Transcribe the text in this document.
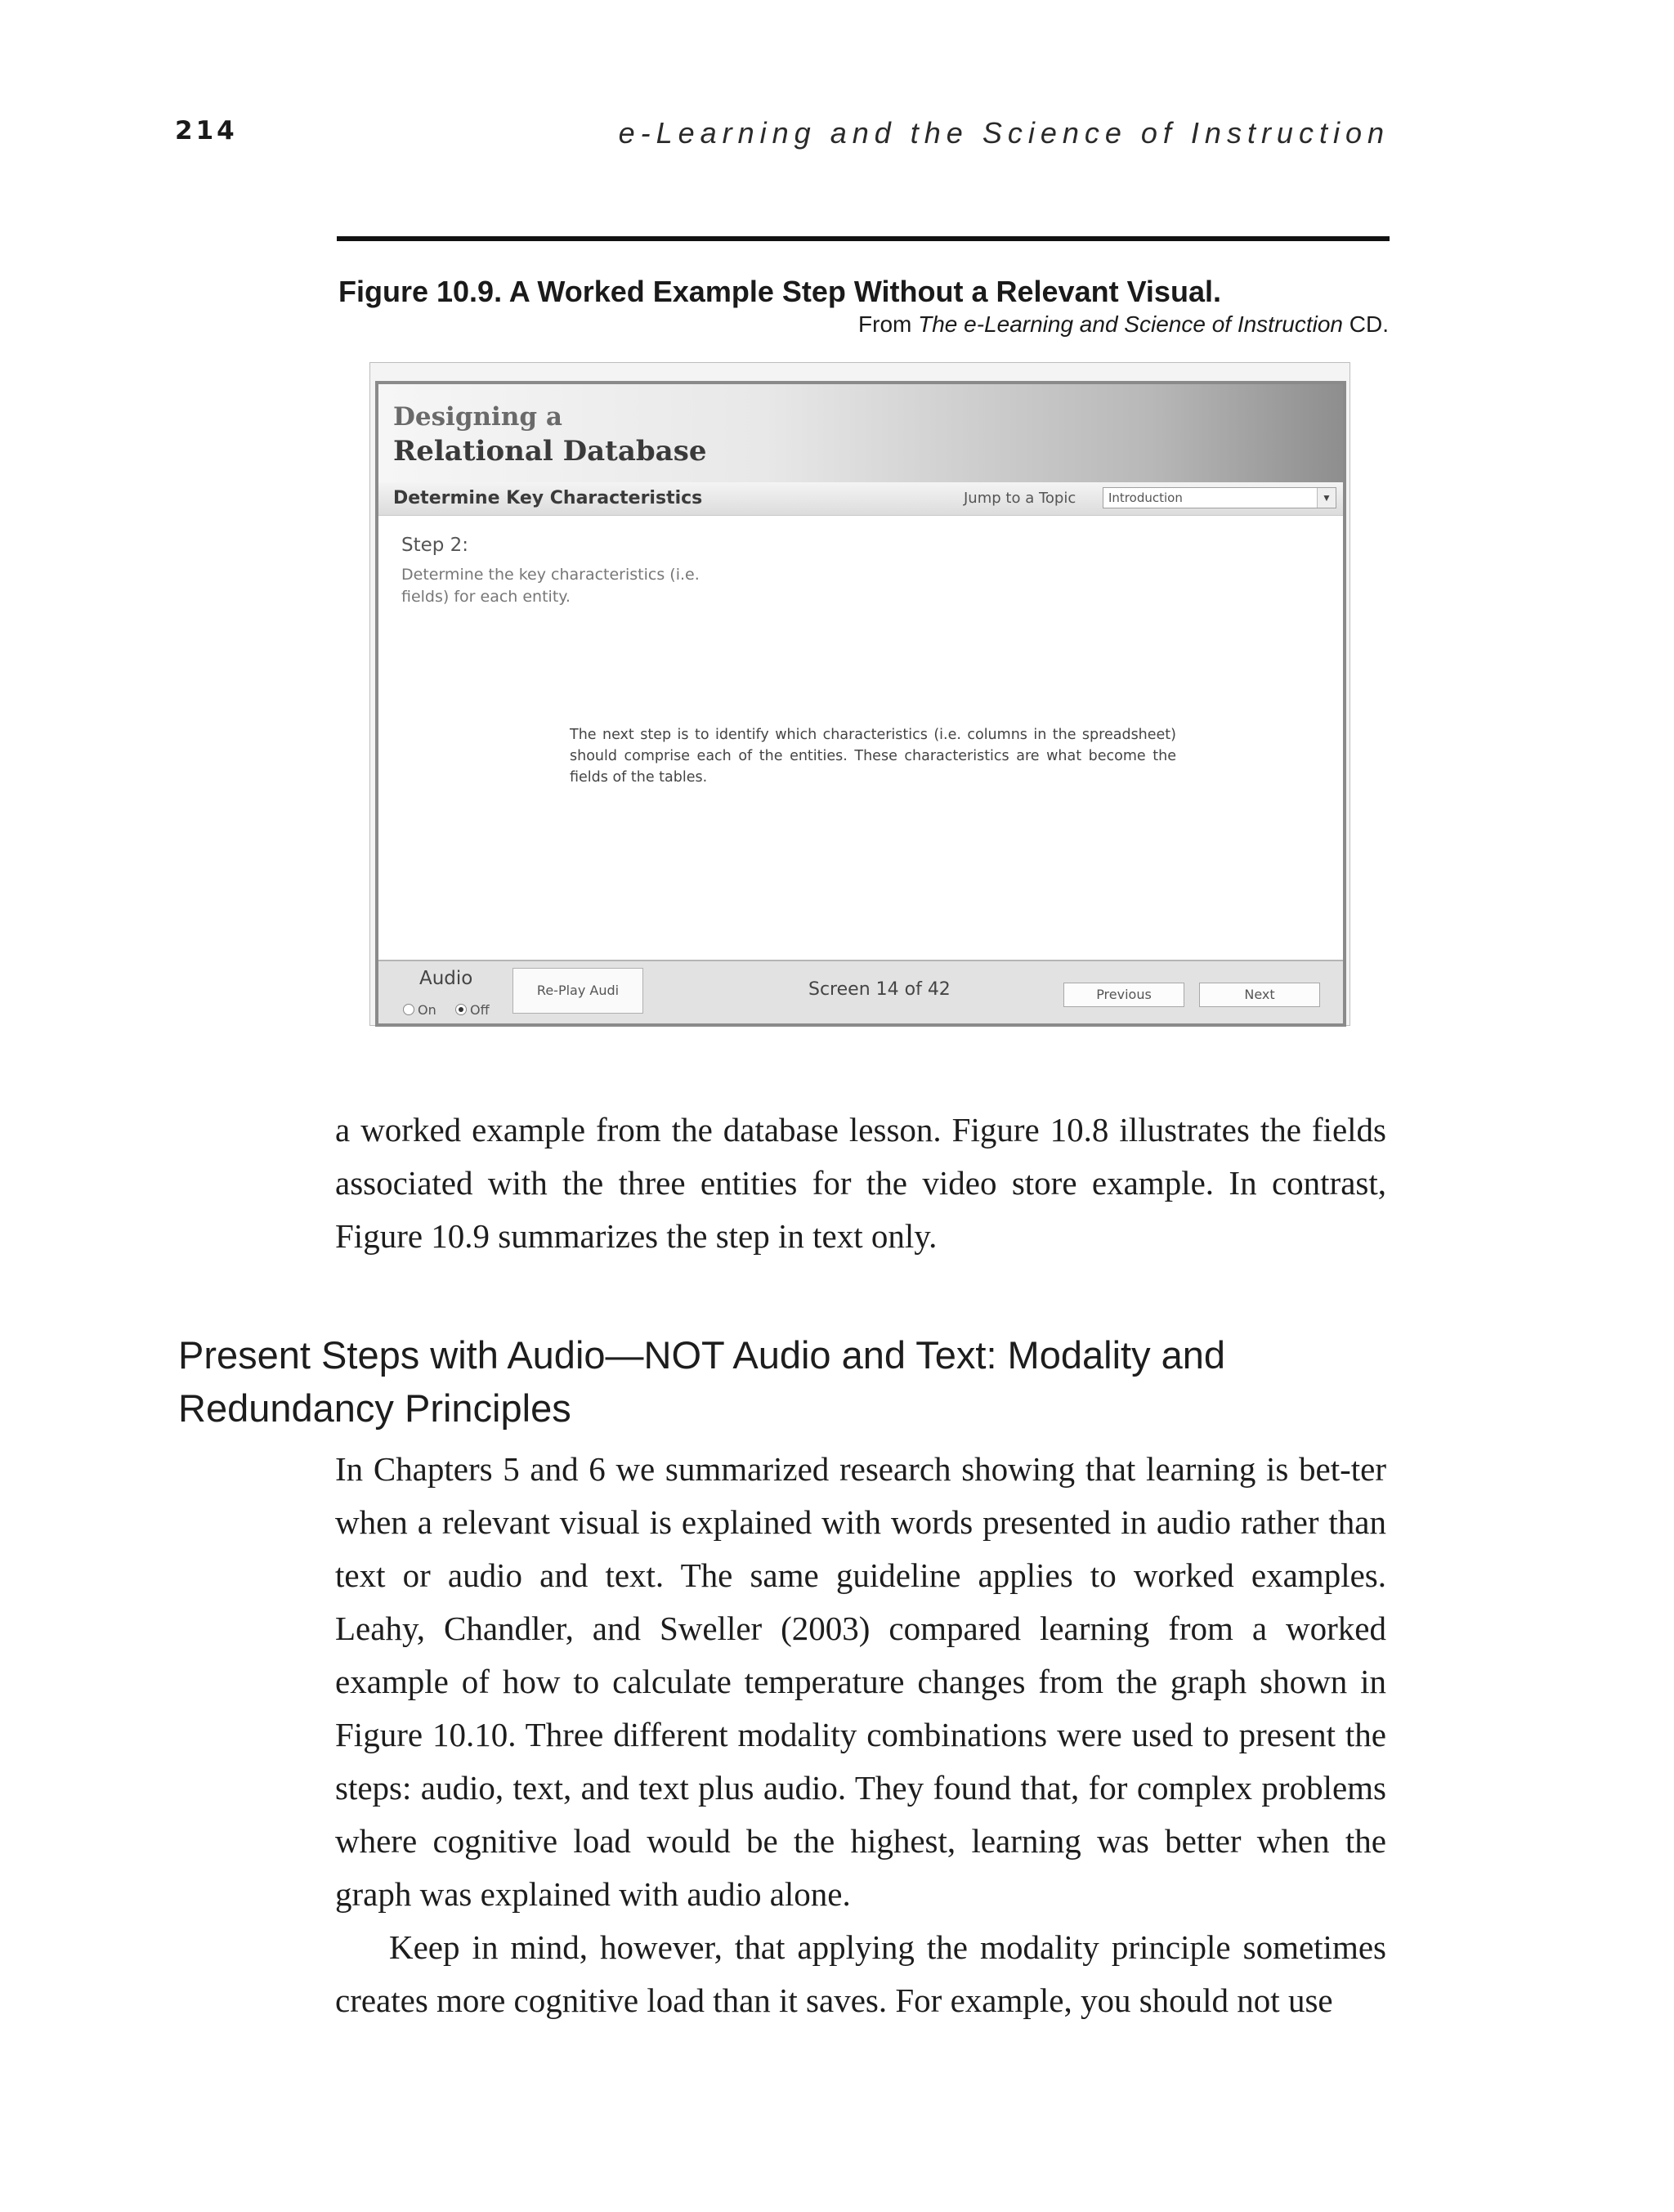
214	e-Learning and the Science of Instruction
Figure 10.9. A Worked Example Step Without a Relevant Visual.
From The e-Learning and Science of Instruction CD.
Designing a
Relational Database
Determine Key Characteristics	Jump to a Topic	Introduction	▼
Step 2:
Determine the key characteristics (i.e. fields) for each entity.
The next step is to identify which characteristics (i.e. columns in the spreadsheet) should comprise each of the entities. These characteristics are what become the fields of the tables.
Audio
On	Off
Re-Play Audi	Screen 14 of 42	Previous	Next
a worked example from the database lesson. Figure 10.8 illustrates the fields associated with the three entities for the video store example. In contrast, Figure 10.9 summarizes the step in text only.
Present Steps with Audio—NOT Audio and Text: Modality and Redundancy Principles
In Chapters 5 and 6 we summarized research showing that learning is bet-ter when a relevant visual is explained with words presented in audio rather than text or audio and text. The same guideline applies to worked examples. Leahy, Chandler, and Sweller (2003) compared learning from a worked example of how to calculate temperature changes from the graph shown in Figure 10.10. Three different modality combinations were used to present the steps: audio, text, and text plus audio. They found that, for complex problems where cognitive load would be the highest, learning was better when the graph was explained with audio alone.
Keep in mind, however, that applying the modality principle sometimes creates more cognitive load than it saves. For example, you should not use
